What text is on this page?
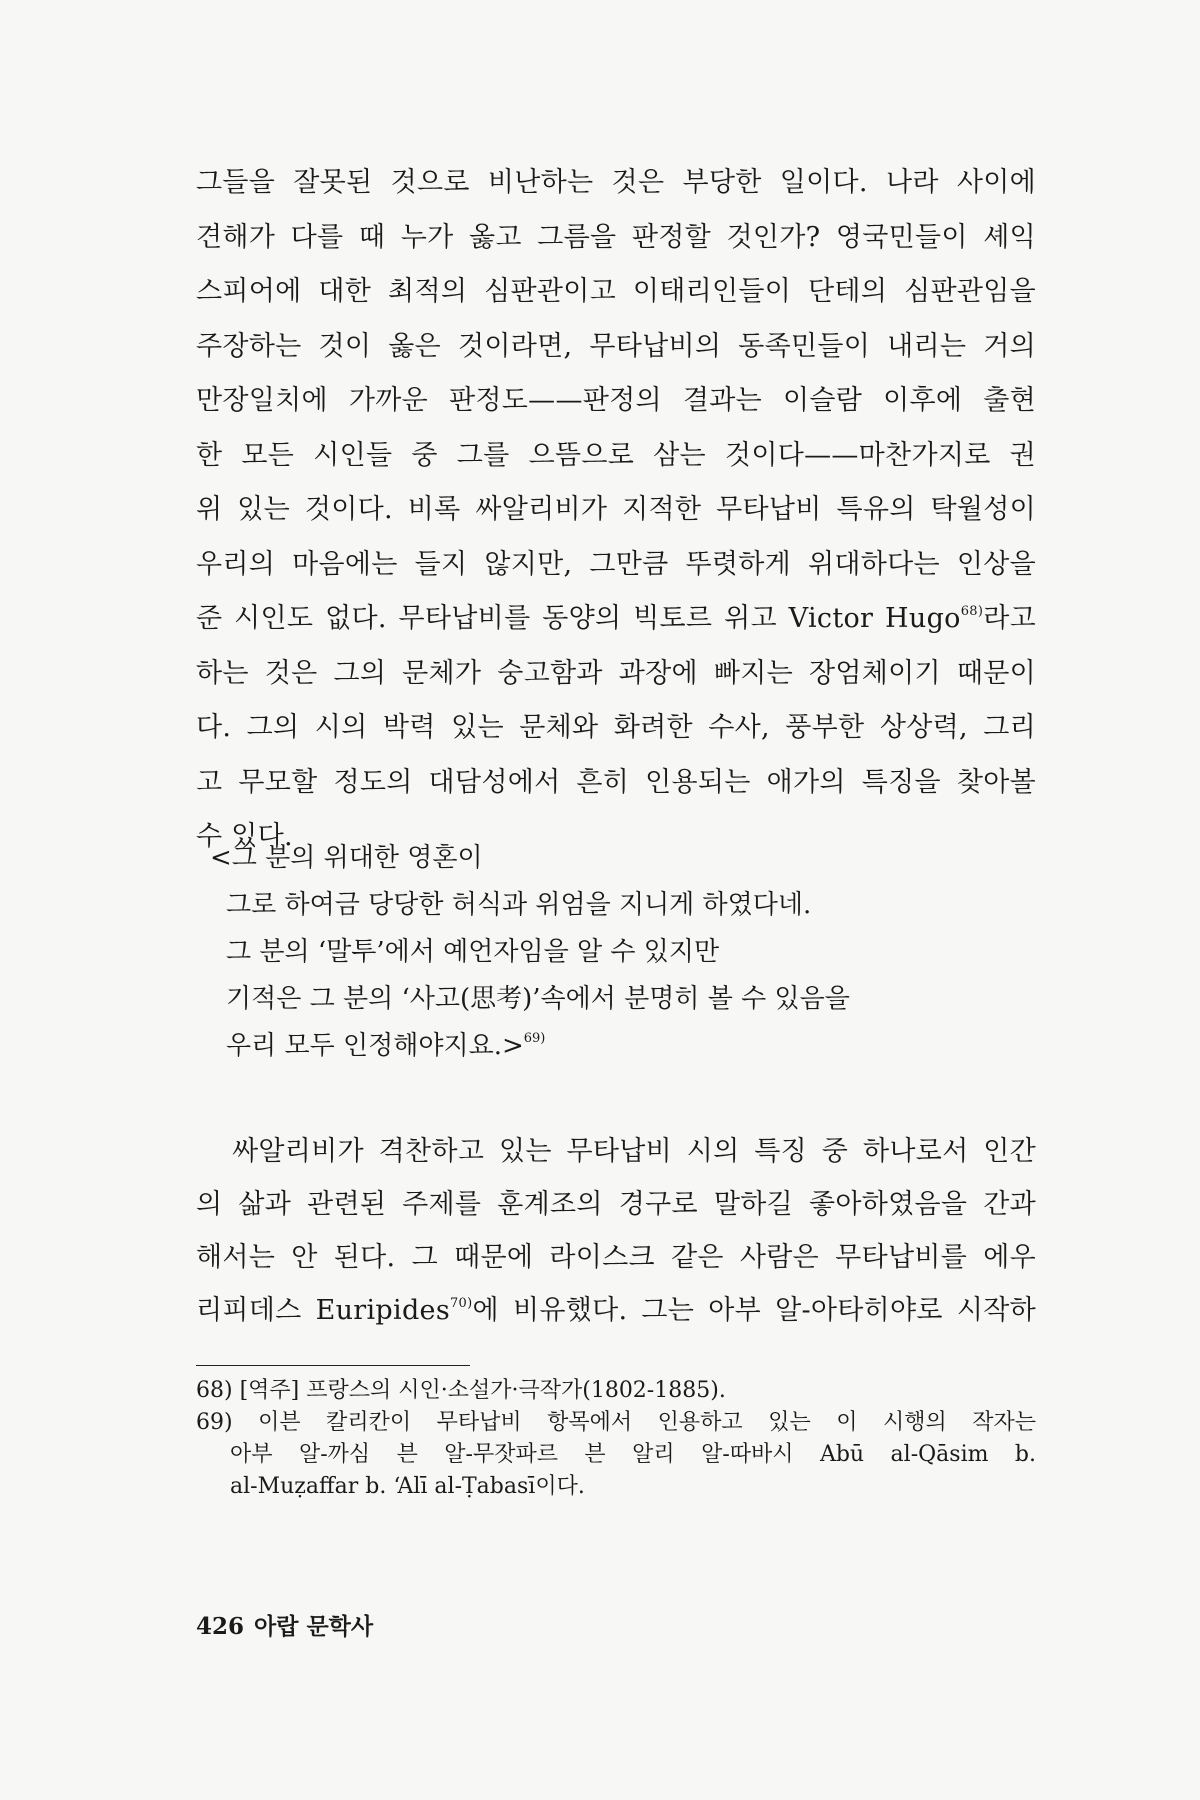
그들을 잘못된 것으로 비난하는 것은 부당한 일이다. 나라 사이에
견해가 다를 때 누가 옳고 그름을 판정할 것인가? 영국민들이 셰익
스피어에 대한 최적의 심판관이고 이태리인들이 단테의 심판관임을
주장하는 것이 옳은 것이라면, 무타납비의 동족민들이 내리는 거의
만장일치에 가까운 판정도——판정의 결과는 이슬람 이후에 출현
한 모든 시인들 중 그를 으뜸으로 삼는 것이다——마찬가지로 권
위 있는 것이다. 비록 싸알리비가 지적한 무타납비 특유의 탁월성이
우리의 마음에는 들지 않지만, 그만큼 뚜렷하게 위대하다는 인상을
준 시인도 없다. 무타납비를 동양의 빅토르 위고 Victor Hugo$^{68)}$라고
하는 것은 그의 문체가 숭고함과 과장에 빠지는 장엄체이기 때문이
다. 그의 시의 박력 있는 문체와 화려한 수사, 풍부한 상상력, 그리
고 무모할 정도의 대담성에서 흔히 인용되는 애가의 특징을 찾아볼
수 있다.
<그 분의 위대한 영혼이
그로 하여금 당당한 허식과 위엄을 지니게 하였다네.
그 분의 ‘말투’에서 예언자임을 알 수 있지만
기적은 그 분의 ‘사고(思考)’속에서 분명히 볼 수 있음을
우리 모두 인정해야지요.>$^{69)}$
싸알리비가 격찬하고 있는 무타납비 시의 특징 중 하나로서 인간
의 삶과 관련된 주제를 훈계조의 경구로 말하길 좋아하였음을 간과
해서는 안 된다. 그 때문에 라이스크 같은 사람은 무타납비를 에우
리피데스 Euripides$^{70)}$에 비유했다. 그는 아부 알-아타히야로 시작하
68) [역주] 프랑스의 시인·소설가·극작가(1802-1885).
69) 이븐 칼리칸이 무타납비 항목에서 인용하고 있는 이 시행의 작자는
아부 알-까심 븐 알-무잣파르 븐 알리 알-따바시 Abū al-Qāsim b.
al-Muẓaffar b. ‘Alī al-Ṭabasī이다.
426 아랍 문학사
